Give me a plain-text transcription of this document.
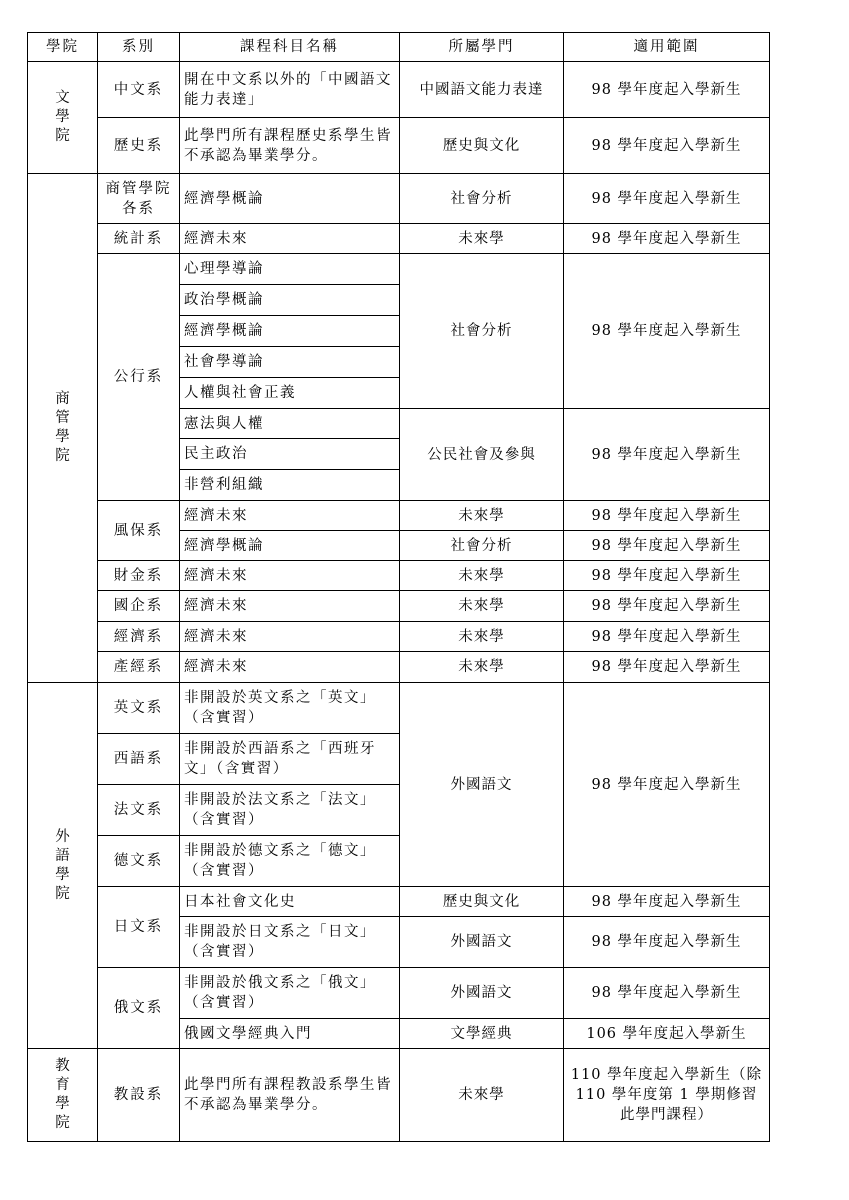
學院	系別	課程科目名稱	所屬學門	適用範圍

文學院	中文系	開在中文系以外的「中國語文能力表達」	中國語文能力表達	98 學年度起入學新生
	歷史系	此學門所有課程歷史系學生皆不承認為畢業學分。	歷史與文化	98 學年度起入學新生

商管學院	商管學院各系	經濟學概論	社會分析	98 學年度起入學新生
	統計系	經濟未來	未來學	98 學年度起入學新生
	公行系	心理學導論	社會分析	98 學年度起入學新生
		政治學概論		
		經濟學概論		
		社會學導論		
		人權與社會正義		
		憲法與人權	公民社會及參與	98 學年度起入學新生
		民主政治		
		非營利組織		
	風保系	經濟未來	未來學	98 學年度起入學新生
		經濟學概論	社會分析	98 學年度起入學新生
	財金系	經濟未來	未來學	98 學年度起入學新生
	國企系	經濟未來	未來學	98 學年度起入學新生
	經濟系	經濟未來	未來學	98 學年度起入學新生
	產經系	經濟未來	未來學	98 學年度起入學新生

外語學院	英文系	非開設於英文系之「英文」（含實習）	外國語文	98 學年度起入學新生
	西語系	非開設於西語系之「西班牙文」（含實習）		
	法文系	非開設於法文系之「法文」（含實習）		
	德文系	非開設於德文系之「德文」（含實習）		
	日文系	日本社會文化史	歷史與文化	98 學年度起入學新生
		非開設於日文系之「日文」（含實習）	外國語文	98 學年度起入學新生
	俄文系	非開設於俄文系之「俄文」（含實習）	外國語文	98 學年度起入學新生
		俄國文學經典入門	文學經典	106 學年度起入學新生

教育學院	教設系	此學門所有課程教設系學生皆不承認為畢業學分。	未來學	110 學年度起入學新生（除 110 學年度第 1 學期修習此學門課程）
